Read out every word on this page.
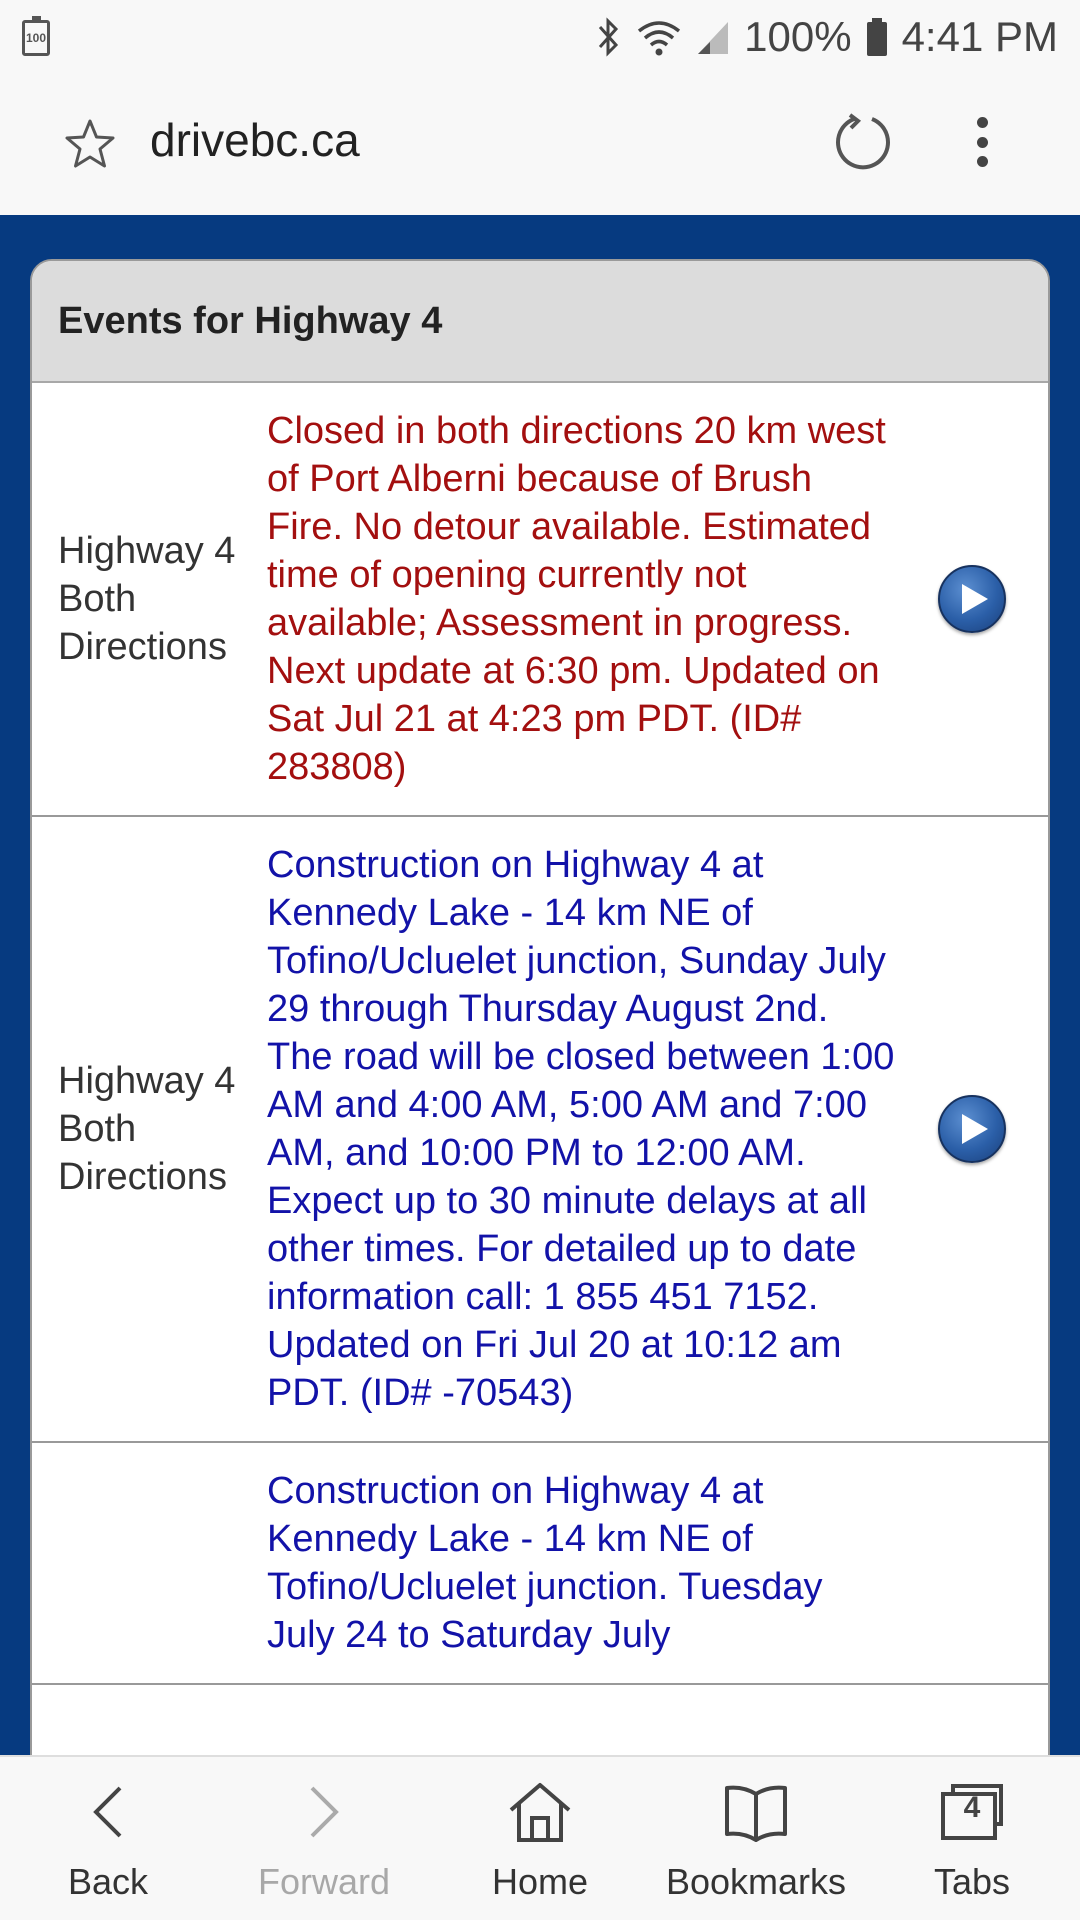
100	100% 4:41 PM
drivebc.ca
Events for Highway 4
Highway 4 Both Directions
Closed in both directions 20 km west of Port Alberni because of Brush Fire. No detour available. Estimated time of opening currently not available; Assessment in progress. Next update at 6:30 pm. Updated on Sat Jul 21 at 4:23 pm PDT. (ID# 283808)
Highway 4 Both Directions
Construction on Highway 4 at Kennedy Lake - 14 km NE of Tofino/Ucluelet junction, Sunday July 29 through Thursday August 2nd. The road will be closed between 1:00 AM and 4:00 AM, 5:00 AM and 7:00 AM, and 10:00 PM to 12:00 AM. Expect up to 30 minute delays at all other times. For detailed up to date information call: 1 855 451 7152. Updated on Fri Jul 20 at 10:12 am PDT. (ID# -70543)
Construction on Highway 4 at Kennedy Lake - 14 km NE of Tofino/Ucluelet junction. Tuesday July 24 to Saturday July
Back	Forward	Home Bookmarks
4
Tabs
